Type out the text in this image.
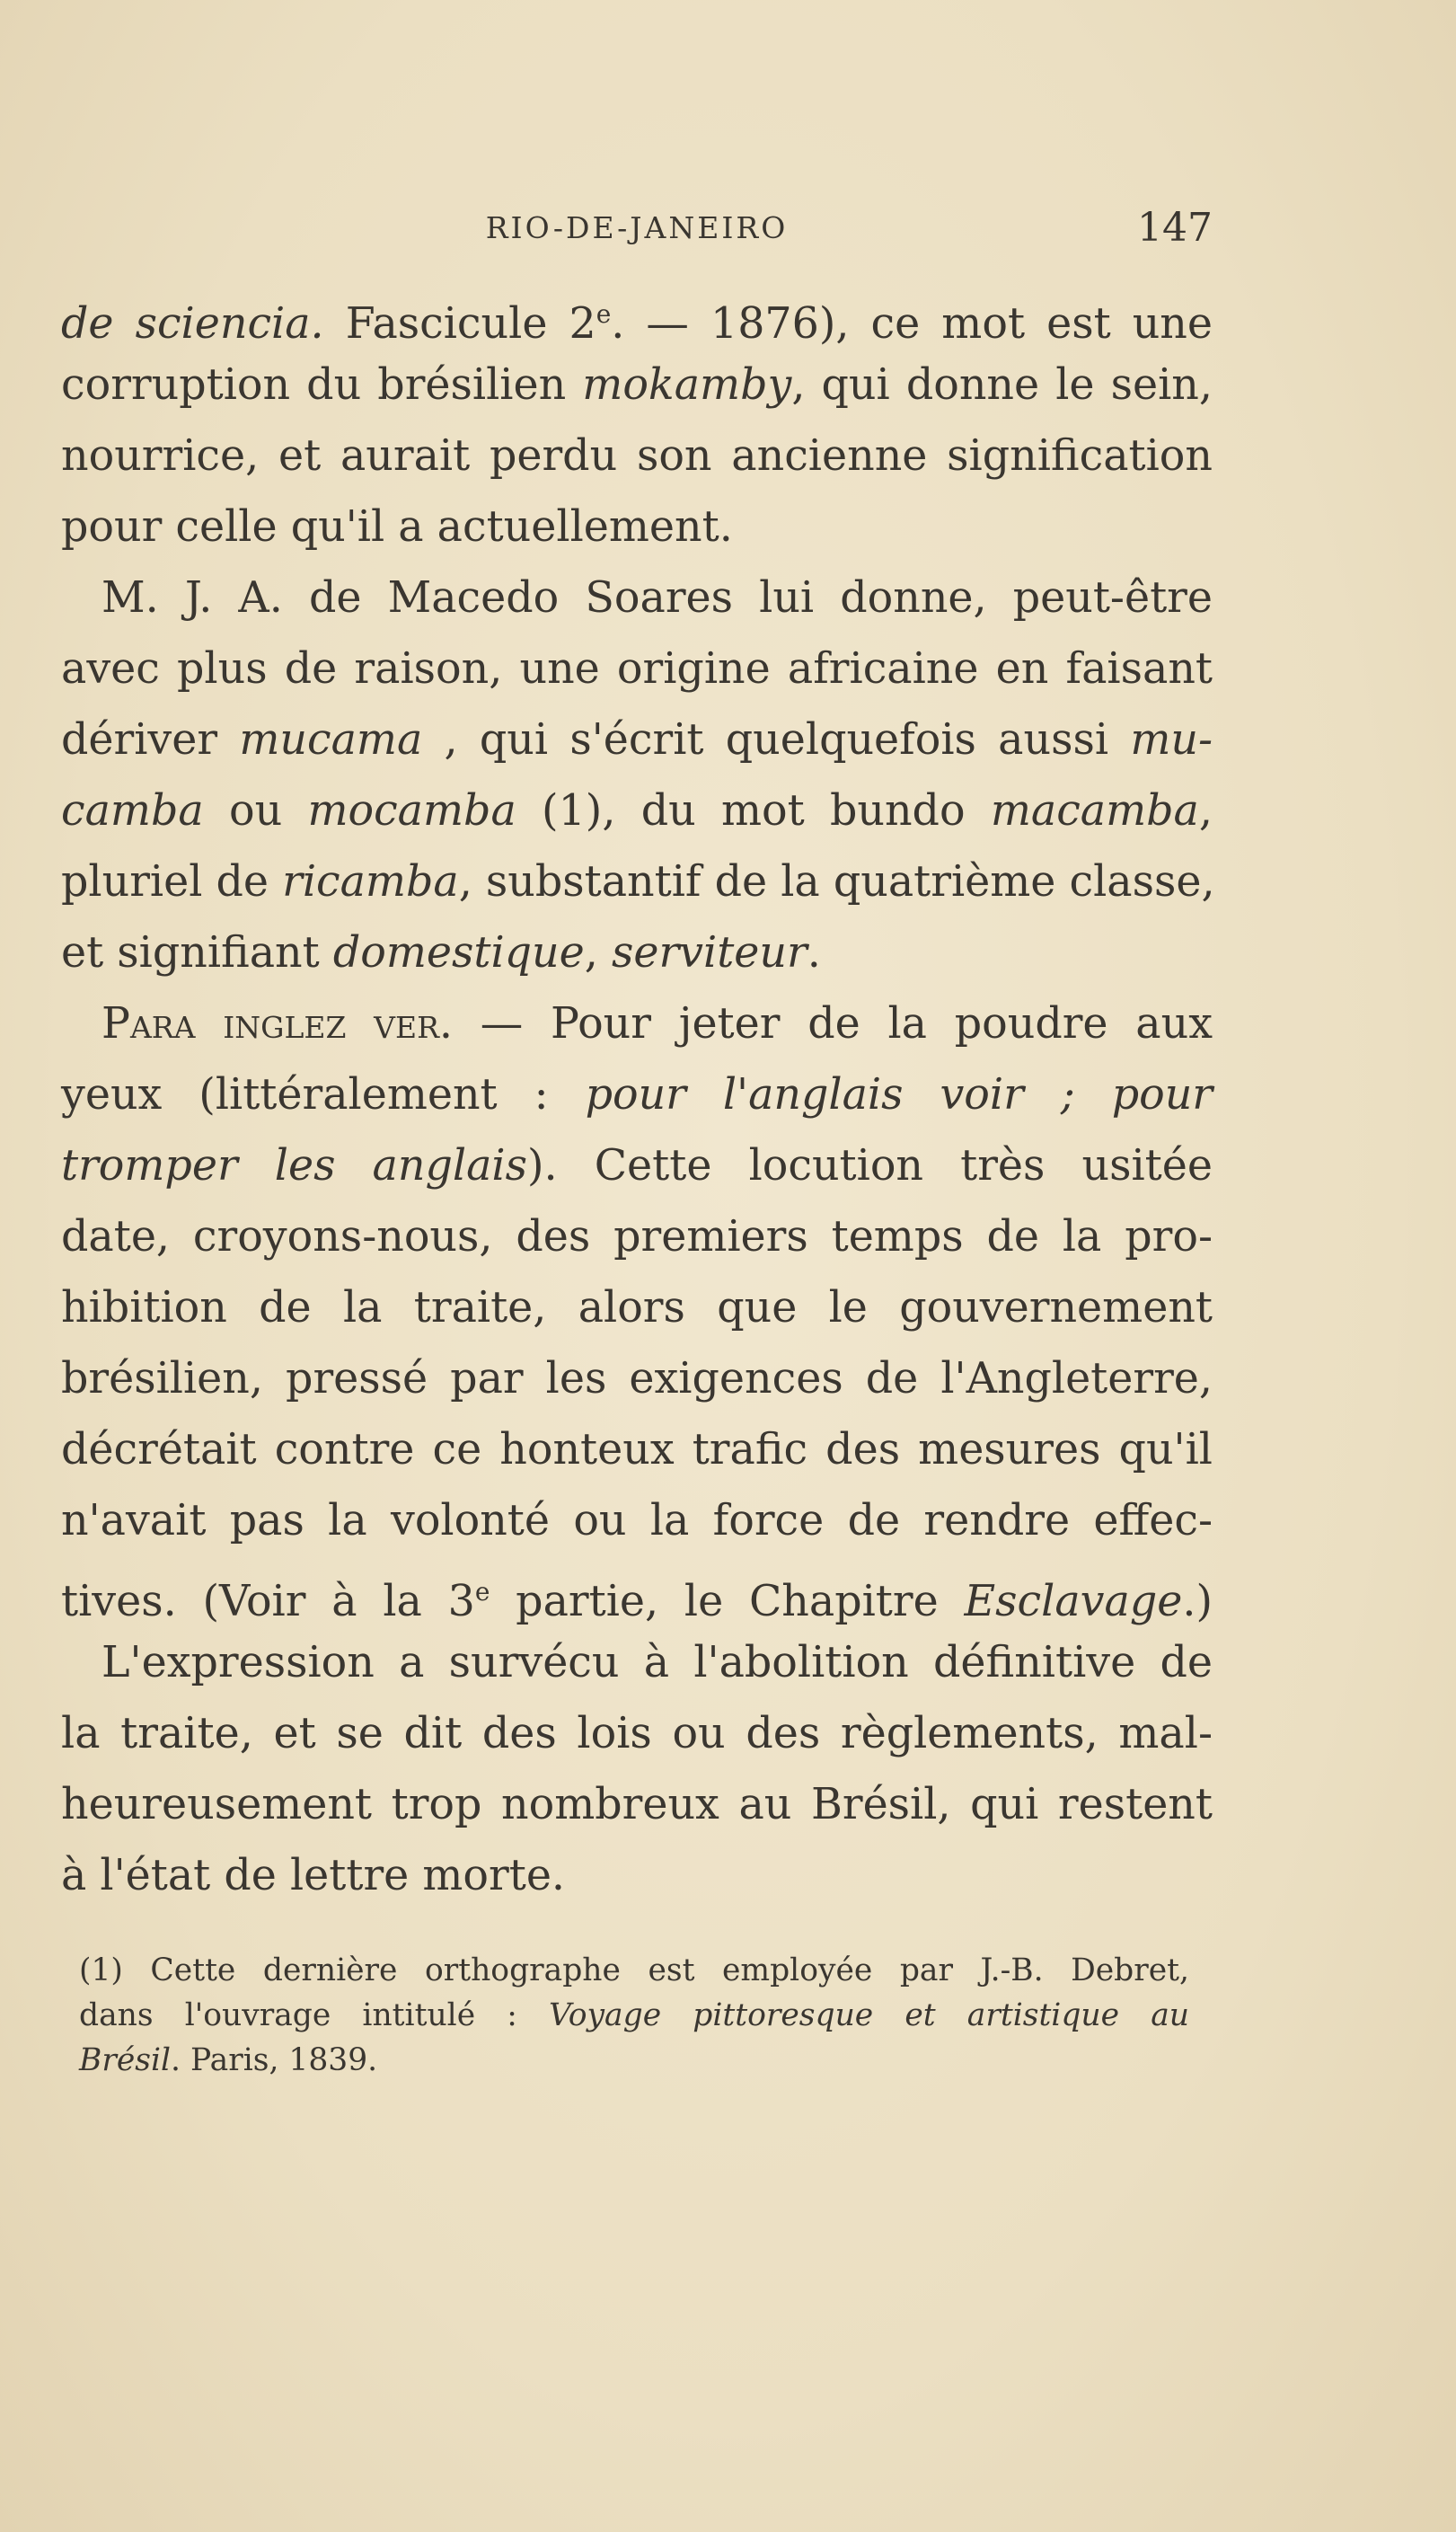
RIO-DE-JANEIRO	147
de sciencia. Fascicule 2e. — 1876), ce mot est une
corruption du brésilien mokamby, qui donne le sein,
nourrice, et aurait perdu son ancienne signification
pour celle qu'il a actuellement.
M. J. A. de Macedo Soares lui donne, peut-être
avec plus de raison, une origine africaine en faisant
dériver mucama , qui s'écrit quelquefois aussi mu-
camba ou mocamba (1), du mot bundo macamba,
pluriel de ricamba, substantif de la quatrième classe,
et signifiant domestique, serviteur.
Para inglez ver. — Pour jeter de la poudre aux
yeux (littéralement : pour l'anglais voir ; pour
tromper les anglais). Cette locution très usitée
date, croyons-nous, des premiers temps de la pro-
hibition de la traite, alors que le gouvernement
brésilien, pressé par les exigences de l'Angleterre,
décrétait contre ce honteux trafic des mesures qu'il
n'avait pas la volonté ou la force de rendre effec-
tives. (Voir à la 3e partie, le Chapitre Esclavage.)
L'expression a survécu à l'abolition définitive de
la traite, et se dit des lois ou des règlements, mal-
heureusement trop nombreux au Brésil, qui restent
à l'état de lettre morte.
(1) Cette dernière orthographe est employée par J.-B. Debret,
dans l'ouvrage intitulé : Voyage pittoresque et artistique au
Brésil. Paris, 1839.
